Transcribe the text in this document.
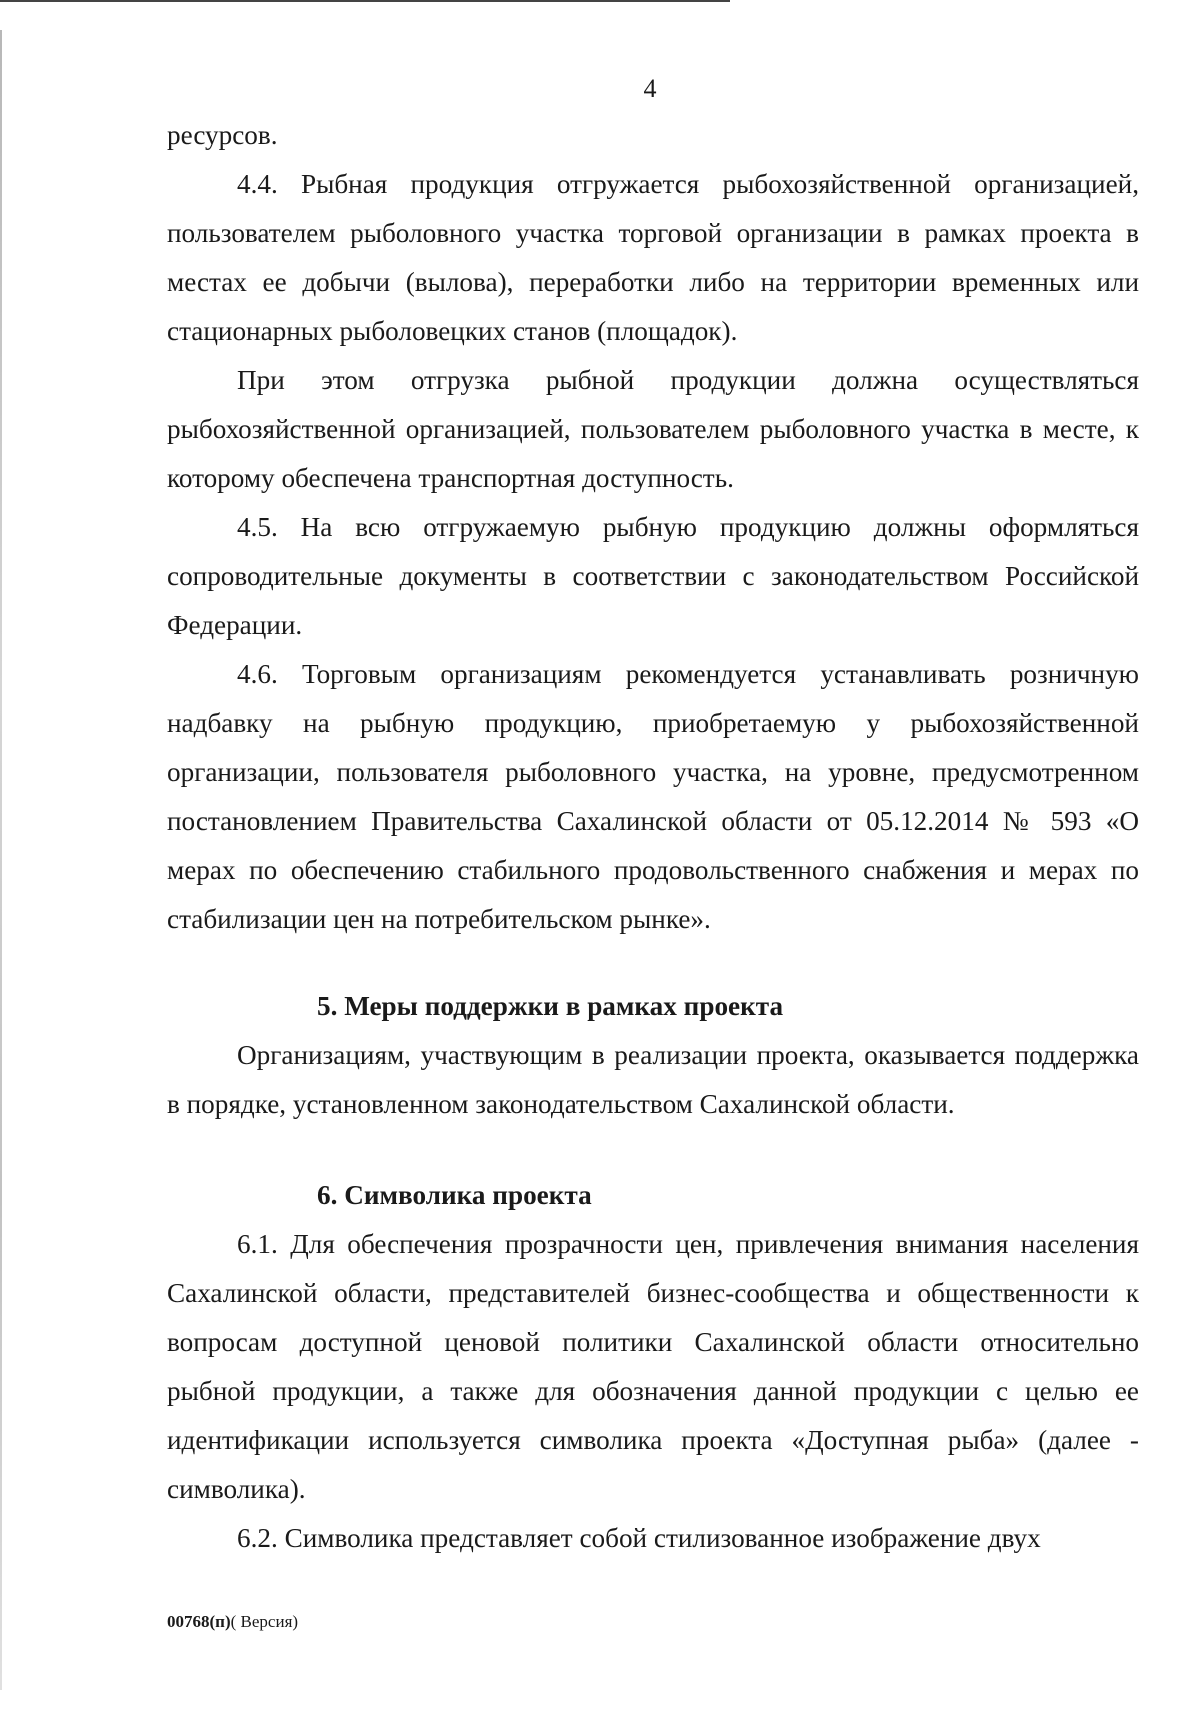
4

ресурсов.

4.4. Рыбная продукция отгружается рыбохозяйственной организацией, пользователем рыболовного участка торговой организации в рамках проекта в местах ее добычи (вылова), переработки либо на территории временных или стационарных рыболовецких станов (площадок).

При этом отгрузка рыбной продукции должна осуществляться рыбохозяйственной организацией, пользователем рыболовного участка в месте, к которому обеспечена транспортная доступность.

4.5. На всю отгружаемую рыбную продукцию должны оформляться сопроводительные документы в соответствии с законодательством Российской Федерации.

4.6. Торговым организациям рекомендуется устанавливать розничную надбавку на рыбную продукцию, приобретаемую у рыбохозяйственной организации, пользователя рыболовного участка, на уровне, предусмотренном постановлением Правительства Сахалинской области от 05.12.2014 № 593 «О мерах по обеспечению стабильного продовольственного снабжения и мерах по стабилизации цен на потребительском рынке».

5. Меры поддержки в рамках проекта

Организациям, участвующим в реализации проекта, оказывается поддержка в порядке, установленном законодательством Сахалинской области.

6. Символика проекта

6.1. Для обеспечения прозрачности цен, привлечения внимания населения Сахалинской области, представителей бизнес-сообщества и общественности к вопросам доступной ценовой политики Сахалинской области относительно рыбной продукции, а также для обозначения данной продукции с целью ее идентификации используется символика проекта «Доступная рыба» (далее - символика).

6.2. Символика представляет собой стилизованное изображение двух

00768(п)( Версия)
